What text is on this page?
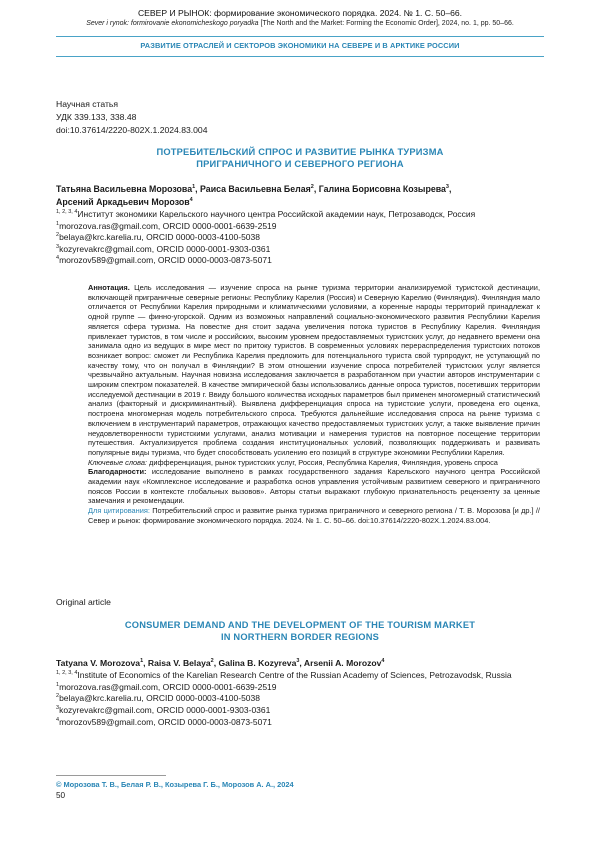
СЕВЕР И РЫНОК: формирование экономического порядка. 2024. № 1. С. 50–66.
Sever i rynok: formirovanie ekonomicheskogo poryadka [The North and the Market: Forming the Economic Order], 2024, no. 1, pp. 50–66.
РАЗВИТИЕ ОТРАСЛЕЙ И СЕКТОРОВ ЭКОНОМИКИ НА СЕВЕРЕ И В АРКТИКЕ РОССИИ
Научная статья
УДК 339.133, 338.48
doi:10.37614/2220-802X.1.2024.83.004
ПОТРЕБИТЕЛЬСКИЙ СПРОС И РАЗВИТИЕ РЫНКА ТУРИЗМА
ПРИГРАНИЧНОГО И СЕВЕРНОГО РЕГИОНА
Татьяна Васильевна Морозова$^1$, Раиса Васильевна Белая$^2$, Галина Борисовна Козырева$^3$,
Арсений Аркадьевич Морозов$^4$
$^{1, 2, 3, 4}$Институт экономики Карельского научного центра Российской академии наук, Петрозаводск, Россия
$^1$morozova.ras@gmail.com, ORCID 0000-0001-6639-2519
$^2$belaya@krc.karelia.ru, ORCID 0000-0003-4100-5038
$^3$kozyrevakrc@gmail.com, ORCID 0000-0001-9303-0361
$^4$morozov589@gmail.com, ORCID 0000-0003-0873-5071

Аннотация. Цель исследования — изучение спроса на рынке туризма территории анализируемой туристской дестинации, включающей приграничные северные регионы: Республику Карелия (Россия) и Северную Карелию (Финляндия). Финляндия мало отличается от Республики Карелия природными и климатическими условиями, а коренные народы территорий принадлежат к одной группе — финно-угорской. Одним из возможных направлений социально-экономического развития Республики Карелия является сфера туризма. На повестке дня стоит задача увеличения потока туристов в Республику Карелия. Финляндия привлекает туристов, в том числе и российских, высоким уровнем предоставляемых туристских услуг, до недавнего времени она занимала одно из ведущих в мире мест по притоку туристов. В современных условиях перераспределения туристских потоков возникает вопрос: сможет ли Республика Карелия предложить для потенциального туриста свой турпродукт, не уступающий по качеству тому, что он получал в Финляндии? В этом отношении изучение спроса потребителей туристских услуг является чрезвычайно актуальным. Научная новизна исследования заключается в разработанном при участии авторов инструментарии с широким спектром показателей. В качестве эмпирической базы использовались данные опроса туристов, посетивших территории исследуемой дестинации в 2019 г. Ввиду большого количества исходных параметров был применен многомерный статистический анализ (факторный и дискриминантный). Выявлена дифференциация спроса на туристские услуги, проведена его оценка, построена многомерная модель потребительского спроса. Требуются дальнейшие исследования спроса на рынке туризма с включением в инструментарий параметров, отражающих качество предоставляемых туристских услуг, а также выявление причин неудовлетворенности туристскими услугами, анализ мотивации и намерения туристов на повторное посещение территории путешествия. Актуализируется проблема создания институциональных условий, позволяющих поддерживать и развивать популярные виды туризма, что будет способствовать усилению его позиций в структуре экономики Республики Карелия.

Ключевые слова: дифференциация, рынок туристских услуг, Россия, Республика Карелия, Финляндия, уровень спроса

Благодарности: исследование выполнено в рамках государственного задания Карельского научного центра Российской академии наук «Комплексное исследование и разработка основ управления устойчивым развитием северного и приграничного поясов России в контексте глобальных вызовов». Авторы статьи выражают глубокую признательность рецензенту за ценные замечания и рекомендации.

Для цитирования: Потребительский спрос и развитие рынка туризма приграничного и северного региона / Т. В. Морозова [и др.] // Север и рынок: формирование экономического порядка. 2024. № 1. С. 50–66. doi:10.37614/2220-802X.1.2024.83.004.

Original article
CONSUMER DEMAND AND THE DEVELOPMENT OF THE TOURISM MARKET
IN NORTHERN BORDER REGIONS
Tatyana V. Morozova$^1$, Raisa V. Belaya$^2$, Galina B. Kozyreva$^3$, Arsenii A. Morozov$^4$
$^{1, 2, 3, 4}$Institute of Economics of the Karelian Research Centre of the Russian Academy of Sciences, Petrozavodsk, Russia
$^1$morozova.ras@gmail.com, ORCID 0000-0001-6639-2519
$^2$belaya@krc.karelia.ru, ORCID 0000-0003-4100-5038
$^3$kozyrevakrc@gmail.com, ORCID 0000-0001-9303-0361
$^4$morozov589@gmail.com, ORCID 0000-0003-0873-5071
© Морозова Т. В., Белая Р. В., Козырева Г. Б., Морозов А. А., 2024
50
